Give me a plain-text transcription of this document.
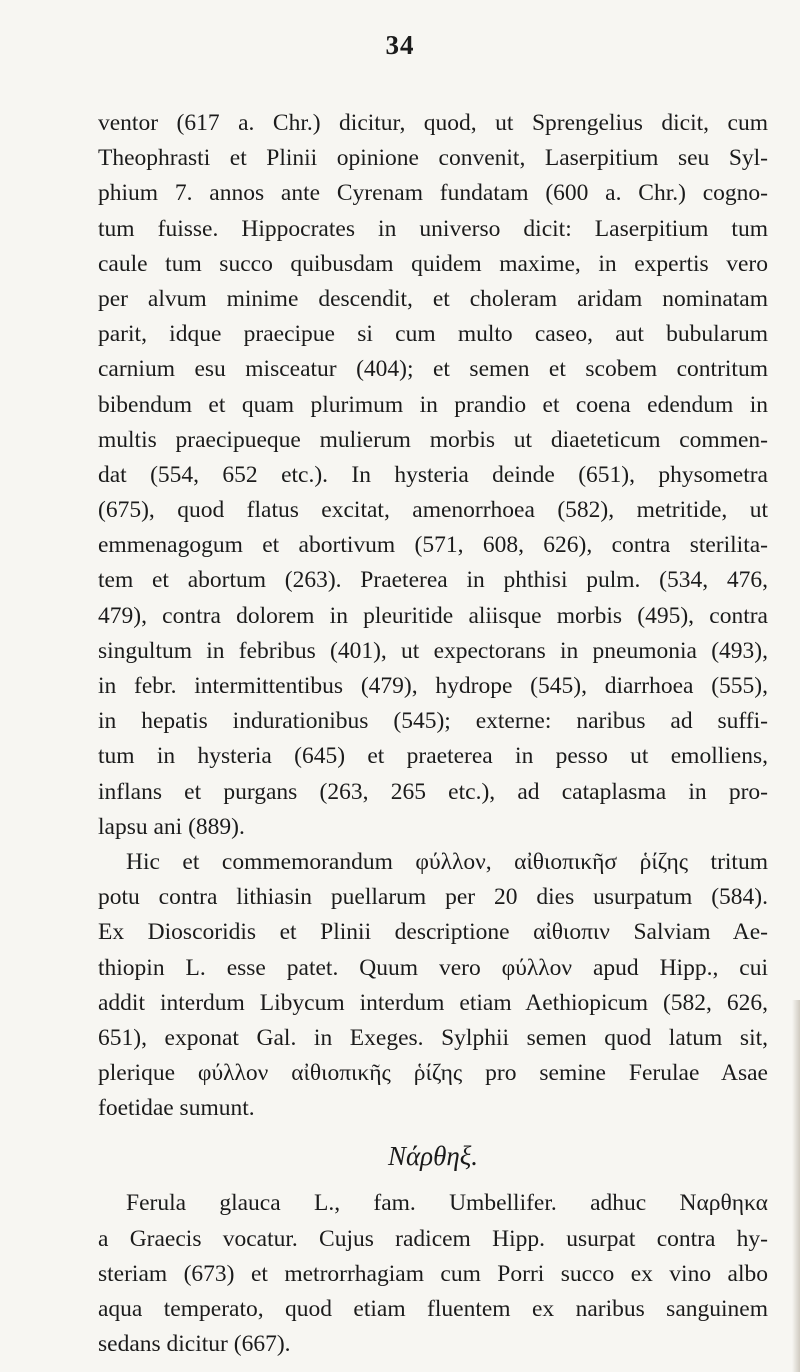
34
ventor (617 a. Chr.) dicitur, quod, ut Sprengelius dicit, cum
Theophrasti et Plinii opinione convenit, Laserpitium seu Syl-
phium 7. annos ante Cyrenam fundatam (600 a. Chr.) cogno-
tum fuisse. Hippocrates in universo dicit: Laserpitium tum
caule tum succo quibusdam quidem maxime, in expertis vero
per alvum minime descendit, et choleram aridam nominatam
parit, idque praecipue si cum multo caseo, aut bubularum
carnium esu misceatur (404); et semen et scobem contritum
bibendum et quam plurimum in prandio et coena edendum in
multis praecipueque mulierum morbis ut diaeteticum commen-
dat (554, 652 etc.). In hysteria deinde (651), physometra
(675), quod flatus excitat, amenorrhoea (582), metritide, ut
emmenagogum et abortivum (571, 608, 626), contra sterilita-
tem et abortum (263). Praeterea in phthisi pulm. (534, 476,
479), contra dolorem in pleuritide aliisque morbis (495), contra
singultum in febribus (401), ut expectorans in pneumonia (493),
in febr. intermittentibus (479), hydrope (545), diarrhoea (555),
in hepatis indurationibus (545); externe: naribus ad suffi-
tum in hysteria (645) et praeterea in pesso ut emolliens,
inflans et purgans (263, 265 etc.), ad cataplasma in pro-
lapsu ani (889).
Hic et commemorandum φύλλον, αἰθιοπικῆσ ῥίζης tritum
potu contra lithiasin puellarum per 20 dies usurpatum (584).
Ex Dioscoridis et Plinii descriptione αἰθιοπιν Salviam Ae-
thiopin L. esse patet. Quum vero φύλλον apud Hipp., cui
addit interdum Libycum interdum etiam Aethiopicum (582, 626,
651), exponat Gal. in Exeges. Sylphii semen quod latum sit,
plerique φύλλον αἰθιοπικῆς ῥίζης pro semine Ferulae Asae
foetidae sumunt.
Νάρθηξ.
Ferula glauca L., fam. Umbellifer. adhuc Ναρθηκα
a Graecis vocatur. Cujus radicem Hipp. usurpat contra hy-
steriam (673) et metrorrhagiam cum Porri succo ex vino albo
aqua temperato, quod etiam fluentem ex naribus sanguinem
sedans dicitur (667).
